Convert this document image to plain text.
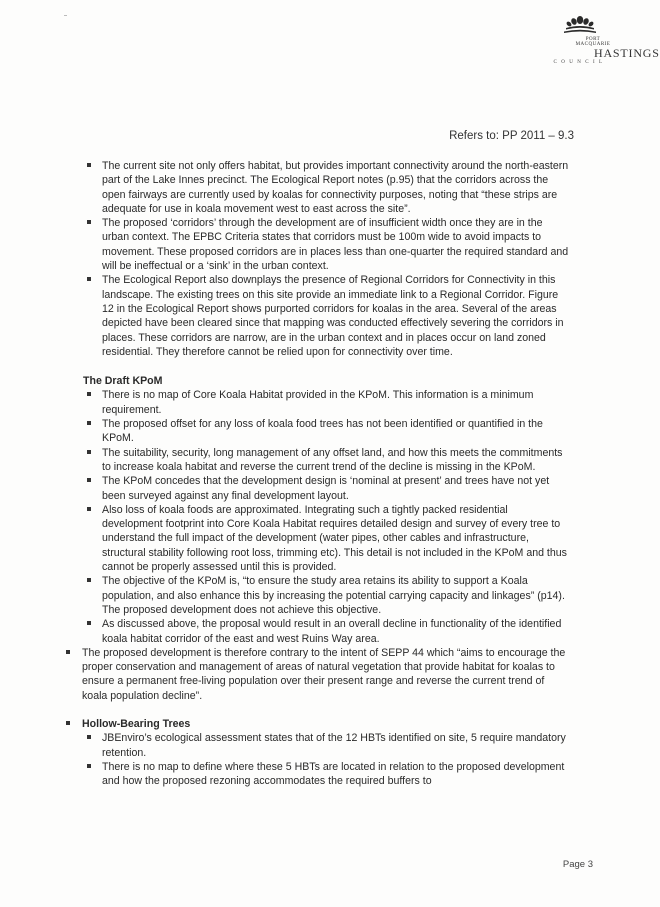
PORT MACQUARIE
HASTINGS
COUNCIL
Refers to: PP 2011 – 9.3
The current site not only offers habitat, but provides important connectivity around the north-eastern part of the Lake Innes precinct. The Ecological Report notes (p.95) that the corridors across the open fairways are currently used by koalas for connectivity purposes, noting that “these strips are adequate for use in koala movement west to east across the site”.
The proposed ‘corridors’ through the development are of insufficient width once they are in the urban context. The EPBC Criteria states that corridors must be 100m wide to avoid impacts to movement. These proposed corridors are in places less than one-quarter the required standard and will be ineffectual or a ‘sink’ in the urban context.
The Ecological Report also downplays the presence of Regional Corridors for Connectivity in this landscape. The existing trees on this site provide an immediate link to a Regional Corridor. Figure 12 in the Ecological Report shows purported corridors for koalas in the area. Several of the areas depicted have been cleared since that mapping was conducted effectively severing the corridors in places. These corridors are narrow, are in the urban context and in places occur on land zoned residential. They therefore cannot be relied upon for connectivity over time.
The Draft KPoM
There is no map of Core Koala Habitat provided in the KPoM. This information is a minimum requirement.
The proposed offset for any loss of koala food trees has not been identified or quantified in the KPoM.
The suitability, security, long management of any offset land, and how this meets the commitments to increase koala habitat and reverse the current trend of the decline is missing in the KPoM.
The KPoM concedes that the development design is ‘nominal at present’ and trees have not yet been surveyed against any final development layout.
Also loss of koala foods are approximated. Integrating such a tightly packed residential development footprint into Core Koala Habitat requires detailed design and survey of every tree to understand the full impact of the development (water pipes, other cables and infrastructure, structural stability following root loss, trimming etc). This detail is not included in the KPoM and thus cannot be properly assessed until this is provided.
The objective of the KPoM is, “to ensure the study area retains its ability to support a Koala population, and also enhance this by increasing the potential carrying capacity and linkages” (p14). The proposed development does not achieve this objective.
As discussed above, the proposal would result in an overall decline in functionality of the identified koala habitat corridor of the east and west Ruins Way area.
The proposed development is therefore contrary to the intent of SEPP 44 which “aims to encourage the proper conservation and management of areas of natural vegetation that provide habitat for koalas to ensure a permanent free-living population over their present range and reverse the current trend of koala population decline”.
Hollow-Bearing Trees
JBEnviro’s ecological assessment states that of the 12 HBTs identified on site, 5 require mandatory retention.
There is no map to define where these 5 HBTs are located in relation to the proposed development and how the proposed rezoning accommodates the required buffers to
Page 3
